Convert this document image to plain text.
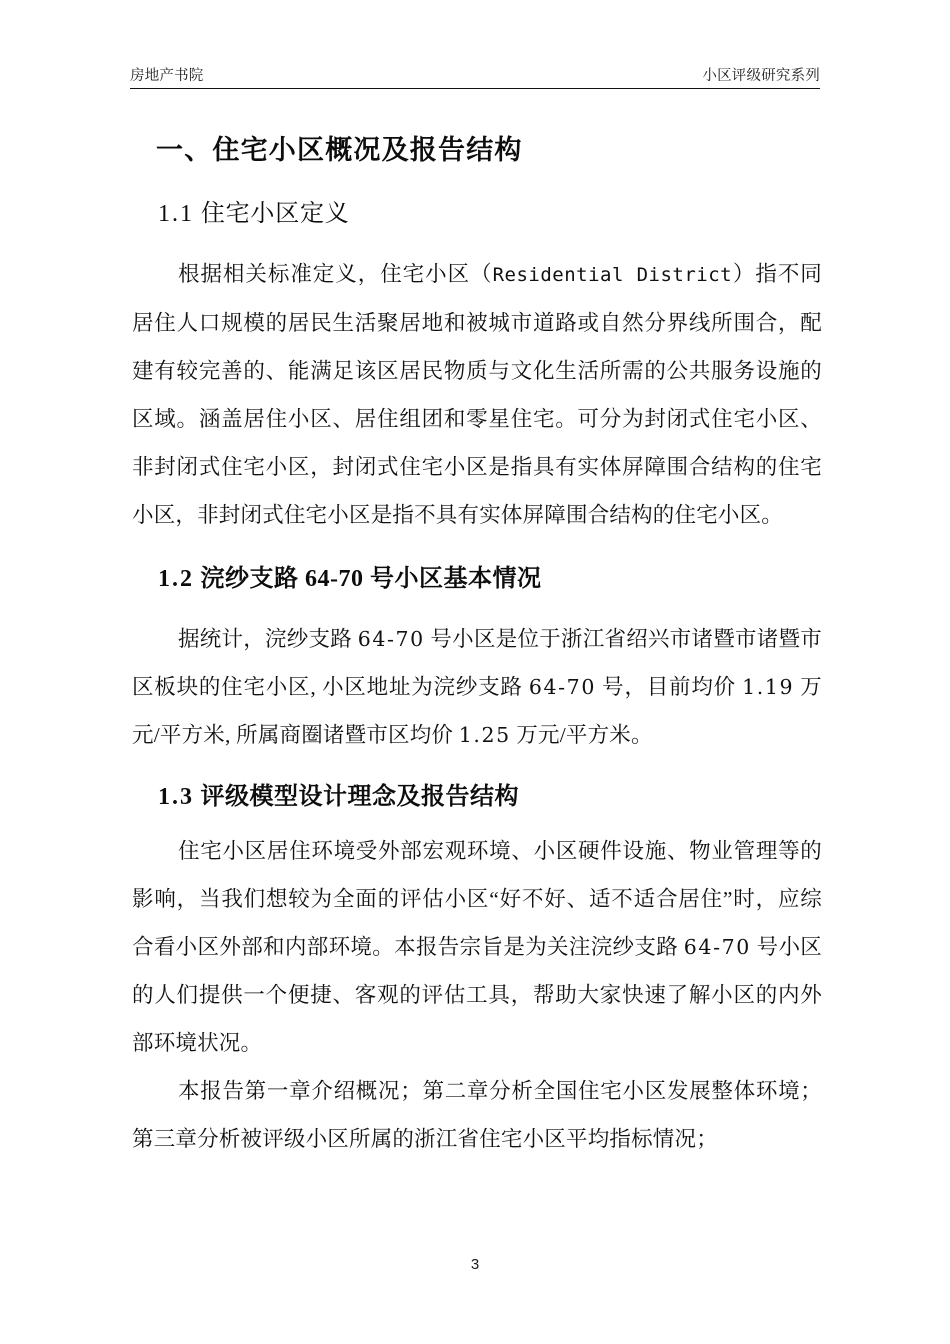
房地产书院	小区评级研究系列
一、住宅小区概况及报告结构
1.1 住宅小区定义

根据相关标准定义，住宅小区（Residential District）指不同居住人口规模的居民生活聚居地和被城市道路或自然分界线所围合，配建有较完善的、能满足该区居民物质与文化生活所需的公共服务设施的区域。涵盖居住小区、居住组团和零星住宅。可分为封闭式住宅小区、非封闭式住宅小区，封闭式住宅小区是指具有实体屏障围合结构的住宅小区，非封闭式住宅小区是指不具有实体屏障围合结构的住宅小区。

1.2 浣纱支路 64-70 号小区基本情况

据统计，浣纱支路 64-70 号小区是位于浙江省绍兴市诸暨市诸暨市区板块的住宅小区, 小区地址为浣纱支路 64-70 号，目前均价 1.19 万元/平方米, 所属商圈诸暨市区均价 1.25 万元/平方米。

1.3 评级模型设计理念及报告结构

住宅小区居住环境受外部宏观环境、小区硬件设施、物业管理等的影响，当我们想较为全面的评估小区“好不好、适不适合居住”时，应综合看小区外部和内部环境。本报告宗旨是为关注浣纱支路 64-70 号小区的人们提供一个便捷、客观的评估工具，帮助大家快速了解小区的内外部环境状况。

本报告第一章介绍概况；第二章分析全国住宅小区发展整体环境；第三章分析被评级小区所属的浙江省住宅小区平均指标情况；

3
